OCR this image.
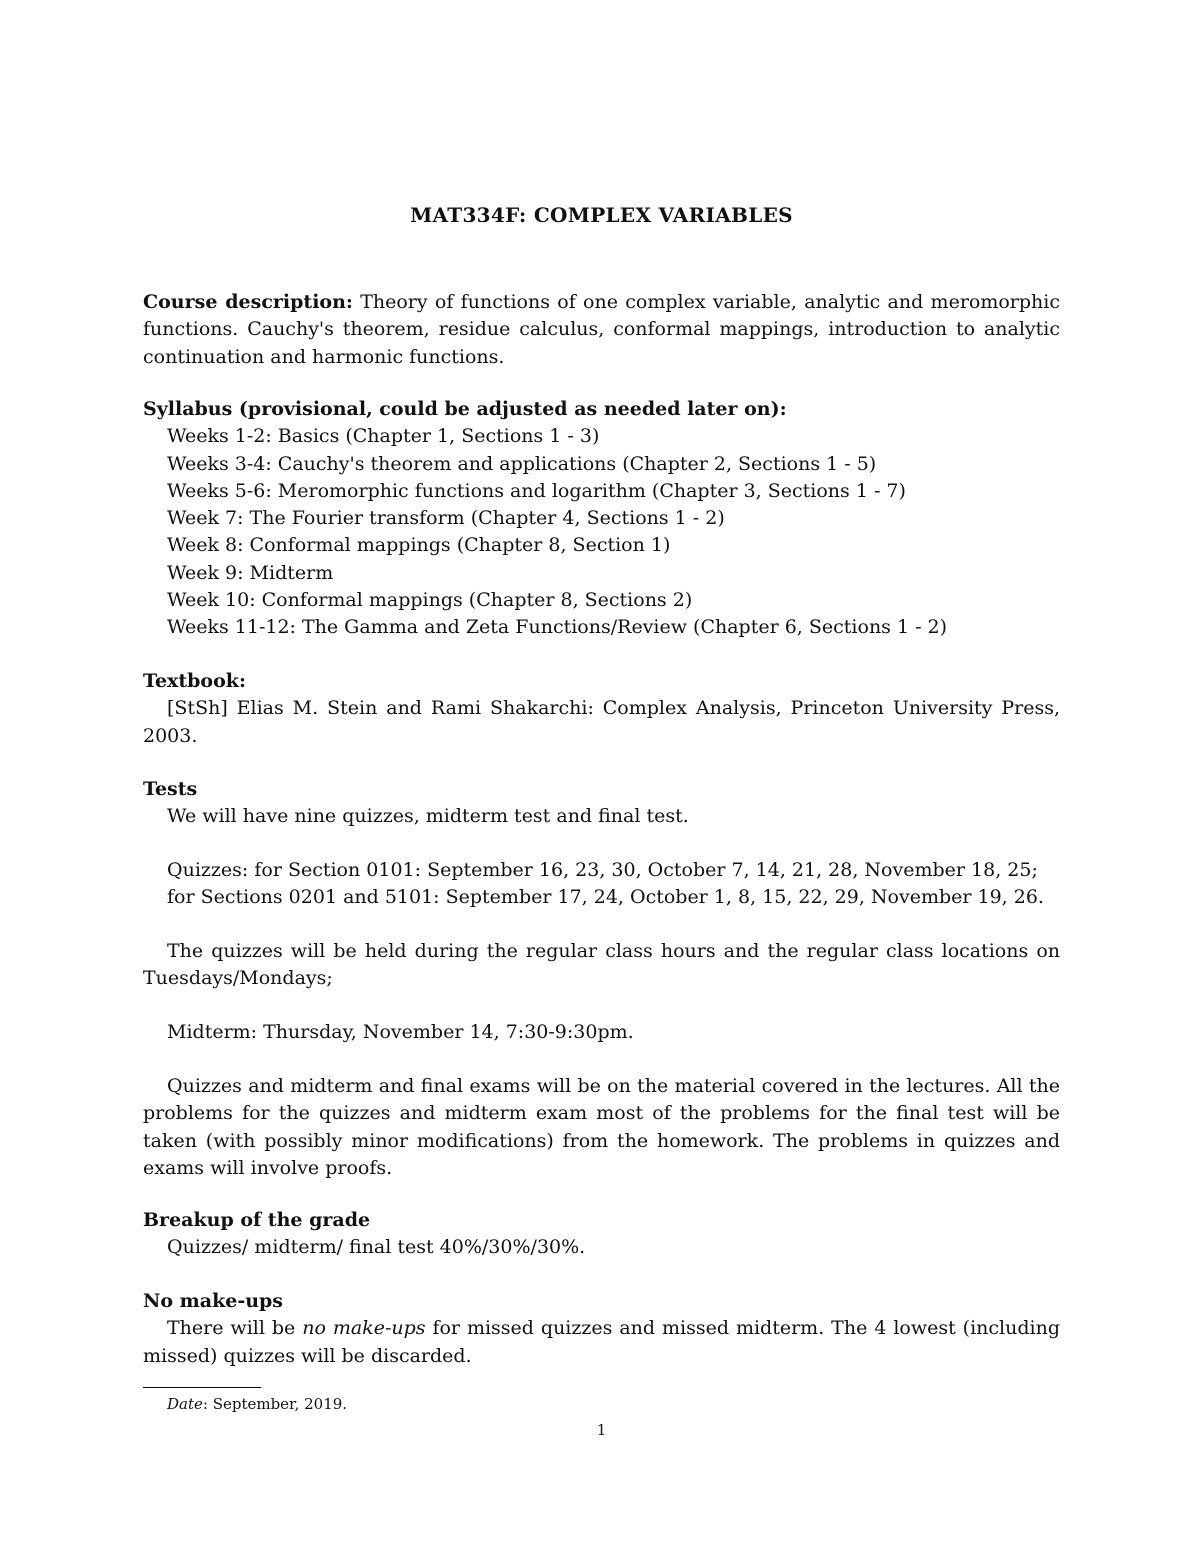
MAT334F: COMPLEX VARIABLES
Course description: Theory of functions of one complex variable, analytic and meromorphic functions. Cauchy's theorem, residue calculus, conformal mappings, introduction to analytic continuation and harmonic functions.
Syllabus (provisional, could be adjusted as needed later on):
Weeks 1-2: Basics (Chapter 1, Sections 1 - 3)
Weeks 3-4: Cauchy's theorem and applications (Chapter 2, Sections 1 - 5)
Weeks 5-6: Meromorphic functions and logarithm (Chapter 3, Sections 1 - 7)
Week 7: The Fourier transform (Chapter 4, Sections 1 - 2)
Week 8: Conformal mappings (Chapter 8, Section 1)
Week 9: Midterm
Week 10: Conformal mappings (Chapter 8, Sections 2)
Weeks 11-12: The Gamma and Zeta Functions/Review (Chapter 6, Sections 1 - 2)
Textbook:
[StSh] Elias M. Stein and Rami Shakarchi: Complex Analysis, Princeton University Press, 2003.
Tests
We will have nine quizzes, midterm test and final test.
Quizzes: for Section 0101: September 16, 23, 30, October 7, 14, 21, 28, November 18, 25;
for Sections 0201 and 5101: September 17, 24, October 1, 8, 15, 22, 29, November 19, 26.
The quizzes will be held during the regular class hours and the regular class locations on Tuesdays/Mondays;
Midterm: Thursday, November 14, 7:30-9:30pm.
Quizzes and midterm and final exams will be on the material covered in the lectures. All the problems for the quizzes and midterm exam most of the problems for the final test will be taken (with possibly minor modifications) from the homework. The problems in quizzes and exams will involve proofs.
Breakup of the grade
Quizzes/ midterm/ final test 40%/30%/30%.
No make-ups
There will be no make-ups for missed quizzes and missed midterm. The 4 lowest (including missed) quizzes will be discarded.
Date: September, 2019.
1
